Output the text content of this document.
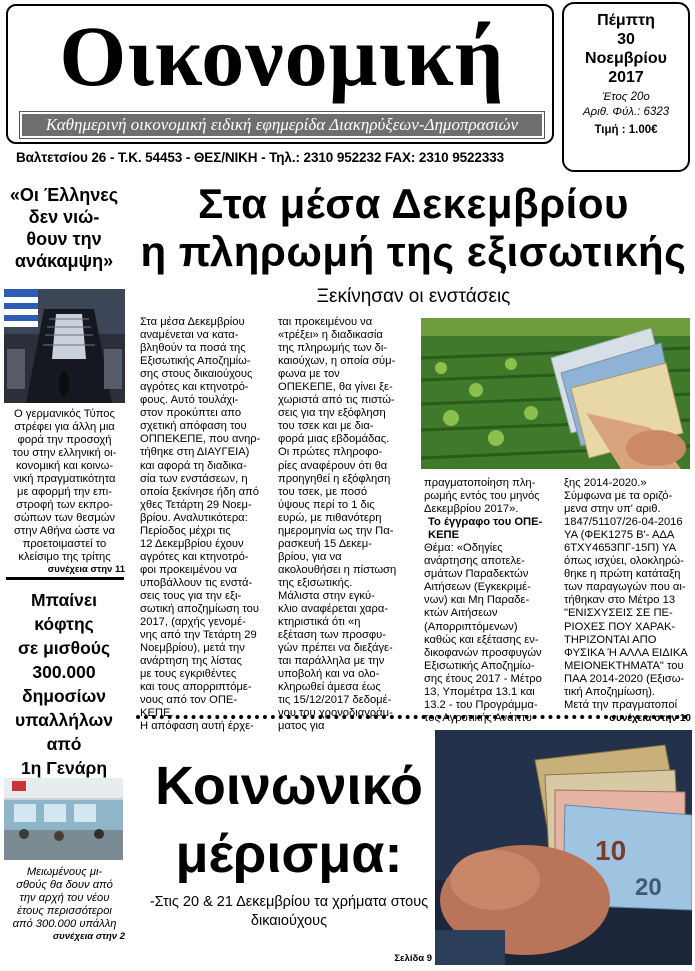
Οικονομική
Καθημερινή οικονομική ειδική εφημερίδα Διακηρύξεων-Δημοπρασιών
Βαλτετσίου 26 - Τ.Κ. 54453 - ΘΕΣ/ΝΙΚΗ - Τηλ.: 2310 952232 FAX: 2310 9522333
Πέμπτη
30
Νοεμβρίου
2017
Έτος 20ο
Αριθ. Φύλ.: 6323
Τιμή : 1.00€
«Οι Έλληνες
δεν νιώ-
θουν την
ανάκαμψη»
Ο γερμανικός Τύπος
στρέφει για άλλη μια
φορά την προσοχή
του στην ελληνική οι-
κονομική και κοινω-
νική πραγματικότητα
με αφορμή την επι-
στροφή των εκπρο-
σώπων των θεσμών
στην Αθήνα ώστε να
προετοιμαστεί το
κλείσιμο της τρίτης
συνέχεια στην 11
Μπαίνει
κόφτης
σε μισθούς
300.000
δημοσίων
υπαλλήλων
από
1η Γενάρη
Μειωμένους μι-
σθούς θα δουν από
την αρχή του νέου
έτους περισσότεροι
από 300.000 υπάλλη
συνέχεια στην 2
Στα μέσα Δεκεμβρίου
η πληρωμή της εξισωτικής
Ξεκίνησαν οι ενστάσεις
Στα μέσα Δεκεμβρίου
αναμένεται να κατα-
βληθούν τα ποσά της
Εξισωτικής Αποζημίω-
σης στους δικαιούχους
αγρότες και κτηνοτρό-
φους. Αυτό τουλάχι-
στον προκύπτει απο
σχετική απόφαση του
ΟΠΠΕΚΕΠΕ, που ανηρ-
τήθηκε στη ΔΙΑΥΓΕΙΑ)
και αφορά τη διαδικα-
σία των ενστάσεων, η
οποία ξεκίνησε ήδη από
χθες Τετάρτη 29 Νοεμ-
βρίου. Αναλυτικότερα:
Περίοδος μέχρι τις
12 Δεκεμβρίου έχουν
αγρότες και κτηνοτρό-
φοι προκειμένου να
υποβάλλουν τις ενστά-
σεις τους για την εξι-
σωτική αποζημίωση του
2017, (αρχής γενομέ-
νης από την Τετάρτη 29
Νοεμβρίου), μετά την
ανάρτηση της λίστας
με τους εγκριθέντες
και τους απορριπτόμε-
νους από τον ΟΠΕ-
ΚΕΠΕ.
Η απόφαση αυτή έρχε-
ται προκειμένου να
«τρέξει» η διαδικασία
της πληρωμής των δι-
καιούχων, η οποία σύμ-
φωνα με τον
ΟΠΕΚΕΠΕ, θα γίνει ξε-
χωριστά από τις πιστώ-
σεις για την εξόφληση
του τσεκ και με δια-
φορά μιας εβδομάδας.
Οι πρώτες πληροφο-
ρίες αναφέρουν ότι θα
προηγηθεί η εξόφληση
του τσεκ, με ποσό
ύψους περί το 1 δις
ευρώ, με πιθανότερη
ημερομηνία ως την Πα-
ρασκευή 15 Δεκεμ-
βρίου, για να
ακολουθήσει η πίστωση
της εξισωτικής.
Μάλιστα στην εγκύ-
κλιο αναφέρεται χαρα-
κτηριστικά ότι «η
εξέταση των προσφυ-
γών πρέπει να διεξάγε-
ται παράλληλα με την
υποβολή και να ολο-
κληρωθεί άμεσα έως
τις 15/12/2017 δεδομέ-
νου του χρονοδιαγράμ-
ματος για
πραγματοποίηση πλη-
ρωμής εντός του μηνός
Δεκεμβρίου 2017».
Το έγγραφο του ΟΠΕ-ΚΕΠΕ
Θέμα: «Οδηγίες
ανάρτησης αποτελε-
σμάτων Παραδεκτών
Αιτήσεων (Εγκεκριμέ-
νων) και Μη Παραδε-
κτών Αιτήσεων
(Απορριπτόμενων)
καθώς και εξέτασης εν-
δικοφανών προσφυγών
Εξισωτικής Αποζημίω-
σης έτους 2017 - Μέτρο
13, Υπομέτρα 13.1 και
13.2 - του Προγράμμα-
τος Αγροτικής Ανάπτυ-
ξης 2014-2020.»
Σύμφωνα με τα οριζό-
μενα στην υπ' αριθ.
1847/51107/26-04-2016
ΥΑ (ΦΕΚ1275 Β'- ΑΔΑ
6ΤΧΥ4653ΠΓ-15Π) ΥΑ
όπως ισχύει, ολοκληρώ-
θηκε η πρώτη κατάταξη
των παραγωγών που αι-
τήθηκαν στο Μέτρο 13
"ΕΝΙΣΧΥΣΕΙΣ ΣΕ ΠΕ-
ΡΙΟΧΕΣ ΠΟΥ ΧΑΡΑΚ-
ΤΗΡΙΖΟΝΤΑΙ ΑΠΟ
ΦΥΣΙΚΑ Ή ΑΛΛΑ ΕΙΔΙΚΑ
ΜΕΙΟΝΕΚΤΗΜΑΤΑ" του
ΠΑΑ 2014-2020 (Εξισω-
τική Αποζημίωση).
Μετά την πραγματοποί
συνέχεια στην 10
Κοινωνικό
μέρισμα:
-Στις 20 & 21 Δεκεμβρίου τα χρήματα στους δικαιούχους
10
20
Σελίδα 9
